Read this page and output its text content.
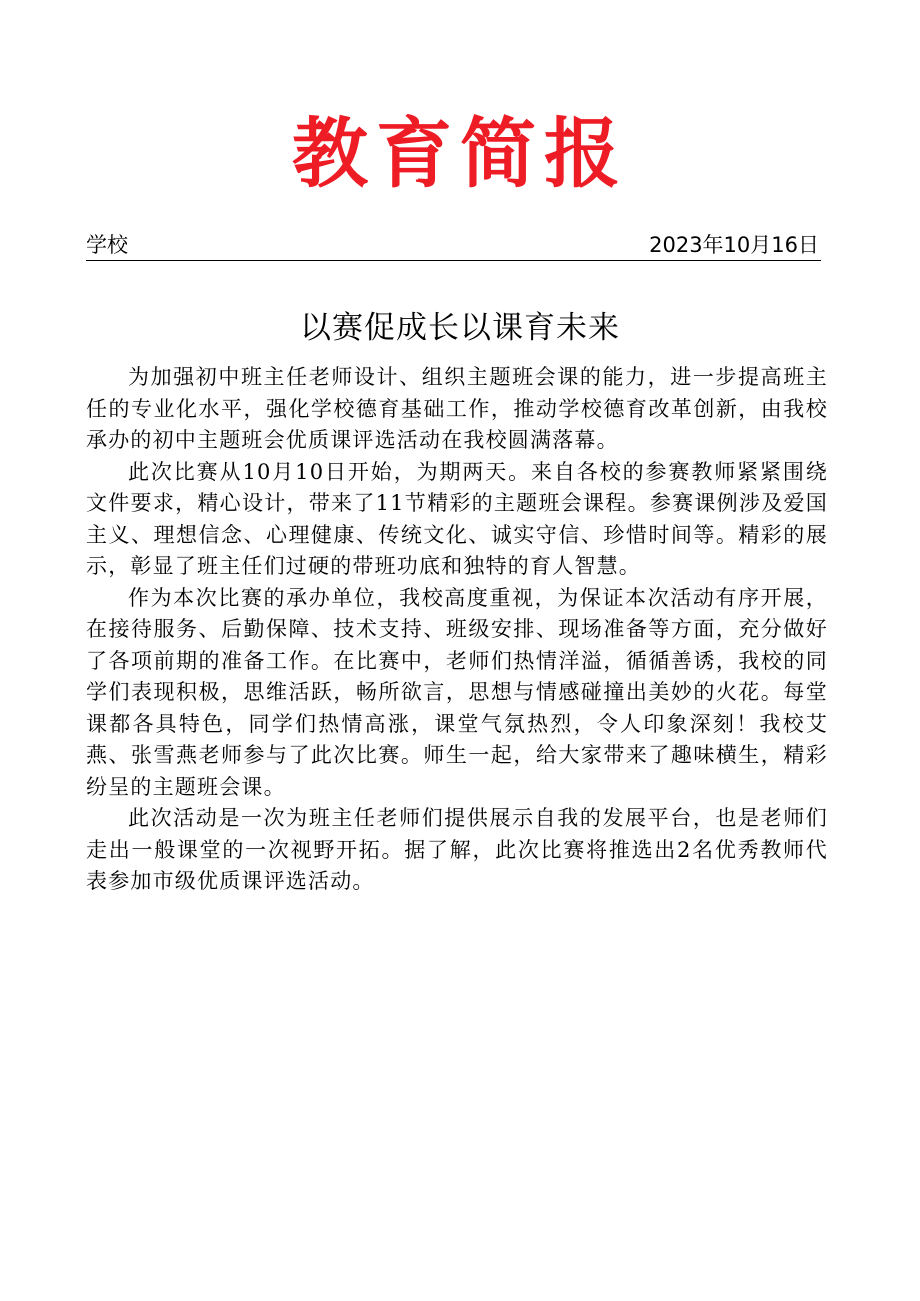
教育简报
学校	2023年10月16日
以赛促成长以课育未来

为加强初中班主任老师设计、组织主题班会课的能力，进一步提高班主任的专业化水平，强化学校德育基础工作，推动学校德育改革创新，由我校承办的初中主题班会优质课评选活动在我校圆满落幕。

此次比赛从10月10日开始，为期两天。来自各校的参赛教师紧紧围绕文件要求，精心设计，带来了11节精彩的主题班会课程。参赛课例涉及爱国主义、理想信念、心理健康、传统文化、诚实守信、珍惜时间等。精彩的展示，彰显了班主任们过硬的带班功底和独特的育人智慧。

作为本次比赛的承办单位，我校高度重视，为保证本次活动有序开展，在接待服务、后勤保障、技术支持、班级安排、现场准备等方面，充分做好了各项前期的准备工作。在比赛中，老师们热情洋溢，循循善诱，我校的同学们表现积极，思维活跃，畅所欲言，思想与情感碰撞出美妙的火花。每堂课都各具特色，同学们热情高涨，课堂气氛热烈，令人印象深刻！我校艾燕、张雪燕老师参与了此次比赛。师生一起，给大家带来了趣味横生，精彩纷呈的主题班会课。

此次活动是一次为班主任老师们提供展示自我的发展平台，也是老师们走出一般课堂的一次视野开拓。据了解，此次比赛将推选出2名优秀教师代表参加市级优质课评选活动。
